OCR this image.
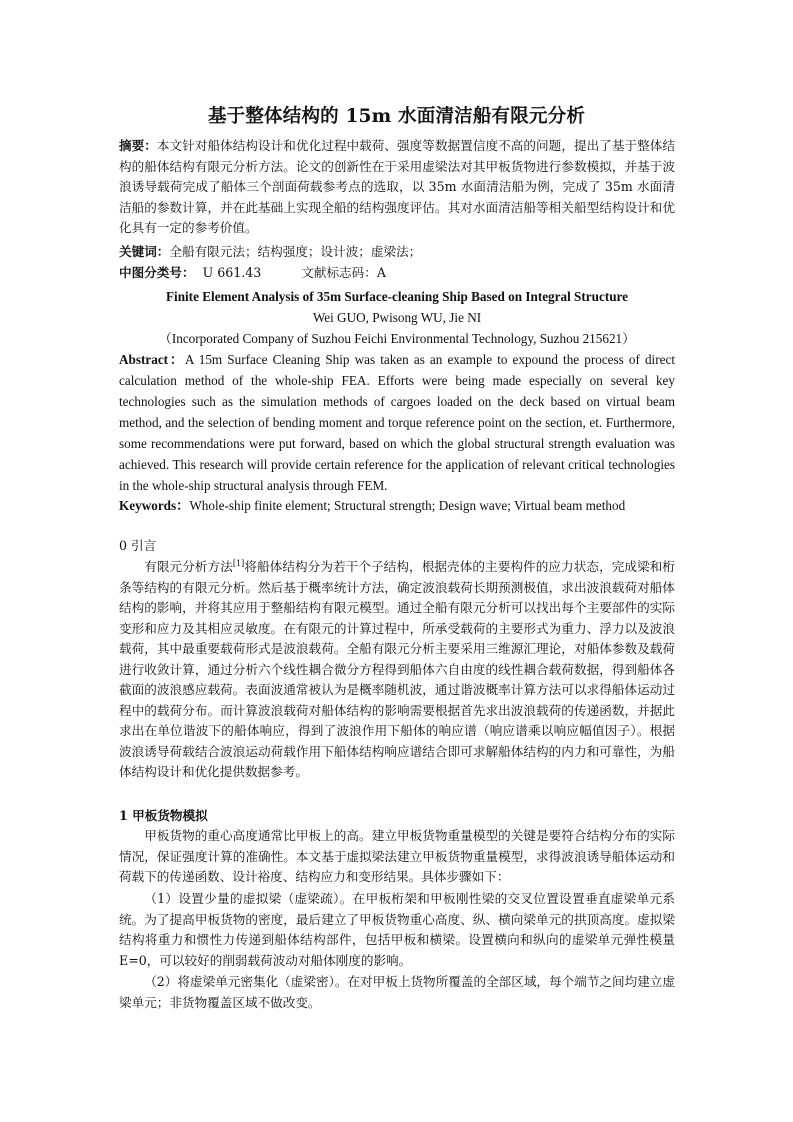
基于整体结构的 15m 水面清洁船有限元分析

摘要：本文针对船体结构设计和优化过程中载荷、强度等数据置信度不高的问题，提出了基于整体结构的船体结构有限元分析方法。论文的创新性在于采用虚梁法对其甲板货物进行参数模拟，并基于波浪诱导载荷完成了船体三个剖面荷载参考点的选取，以 35m 水面清洁船为例，完成了 35m 水面清洁船的参数计算，并在此基础上实现全船的结构强度评估。其对水面清洁船等相关船型结构设计和优化具有一定的参考价值。

关键词：全船有限元法；结构强度；设计波；虚梁法；

中图分类号： U 661.43	文献标志码：A

Finite Element Analysis of 35m Surface-cleaning Ship Based on Integral Structure
Wei GUO, Pwisong WU, Jie NI
（Incorporated Company of Suzhou Feichi Environmental Technology, Suzhou 215621）

Abstract：A 15m Surface Cleaning Ship was taken as an example to expound the process of direct calculation method of the whole-ship FEA. Efforts were being made especially on several key technologies such as the simulation methods of cargoes loaded on the deck based on virtual beam method, and the selection of bending moment and torque reference point on the section, et. Furthermore, some recommendations were put forward, based on which the global structural strength evaluation was achieved. This research will provide certain reference for the application of relevant critical technologies in the whole-ship structural analysis through FEM.

Keywords：Whole-ship finite element; Structural strength; Design wave; Virtual beam method

0 引言

有限元分析方法[1]将船体结构分为若干个子结构，根据壳体的主要构件的应力状态，完成梁和桁条等结构的有限元分析。然后基于概率统计方法，确定波浪载荷长期预测极值，求出波浪载荷对船体结构的影响，并将其应用于整船结构有限元模型。通过全船有限元分析可以找出每个主要部件的实际变形和应力及其相应灵敏度。在有限元的计算过程中，所承受载荷的主要形式为重力、浮力以及波浪载荷，其中最重要载荷形式是波浪载荷。全船有限元分析主要采用三维源汇理论，对船体参数及载荷进行收敛计算，通过分析六个线性耦合微分方程得到船体六自由度的线性耦合载荷数据，得到船体各截面的波浪感应载荷。表面波通常被认为是概率随机波，通过谐波概率计算方法可以求得船体运动过程中的载荷分布。而计算波浪载荷对船体结构的影响需要根据首先求出波浪载荷的传递函数，并据此求出在单位谐波下的船体响应，得到了波浪作用下船体的响应谱（响应谱乘以响应幅值因子）。根据波浪诱导荷载结合波浪运动荷载作用下船体结构响应谱结合即可求解船体结构的内力和可靠性，为船体结构设计和优化提供数据参考。

1 甲板货物模拟
甲板货物的重心高度通常比甲板上的高。建立甲板货物重量模型的关键是要符合结构分布的实际情况，保证强度计算的准确性。本文基于虚拟梁法建立甲板货物重量模型，求得波浪诱导船体运动和荷载下的传递函数、设计裕度、结构应力和变形结果。具体步骤如下：
（1）设置少量的虚拟梁（虚梁疏）。在甲板桁架和甲板刚性梁的交叉位置设置垂直虚梁单元系统。为了提高甲板货物的密度，最后建立了甲板货物重心高度、纵、横向梁单元的拱顶高度。虚拟梁结构将重力和惯性力传递到船体结构部件，包括甲板和横梁。设置横向和纵向的虚梁单元弹性模量 E=0，可以较好的削弱载荷波动对船体刚度的影响。
（2）将虚梁单元密集化（虚梁密）。在对甲板上货物所覆盖的全部区域，每个端节之间均建立虚梁单元；非货物覆盖区域不做改变。
